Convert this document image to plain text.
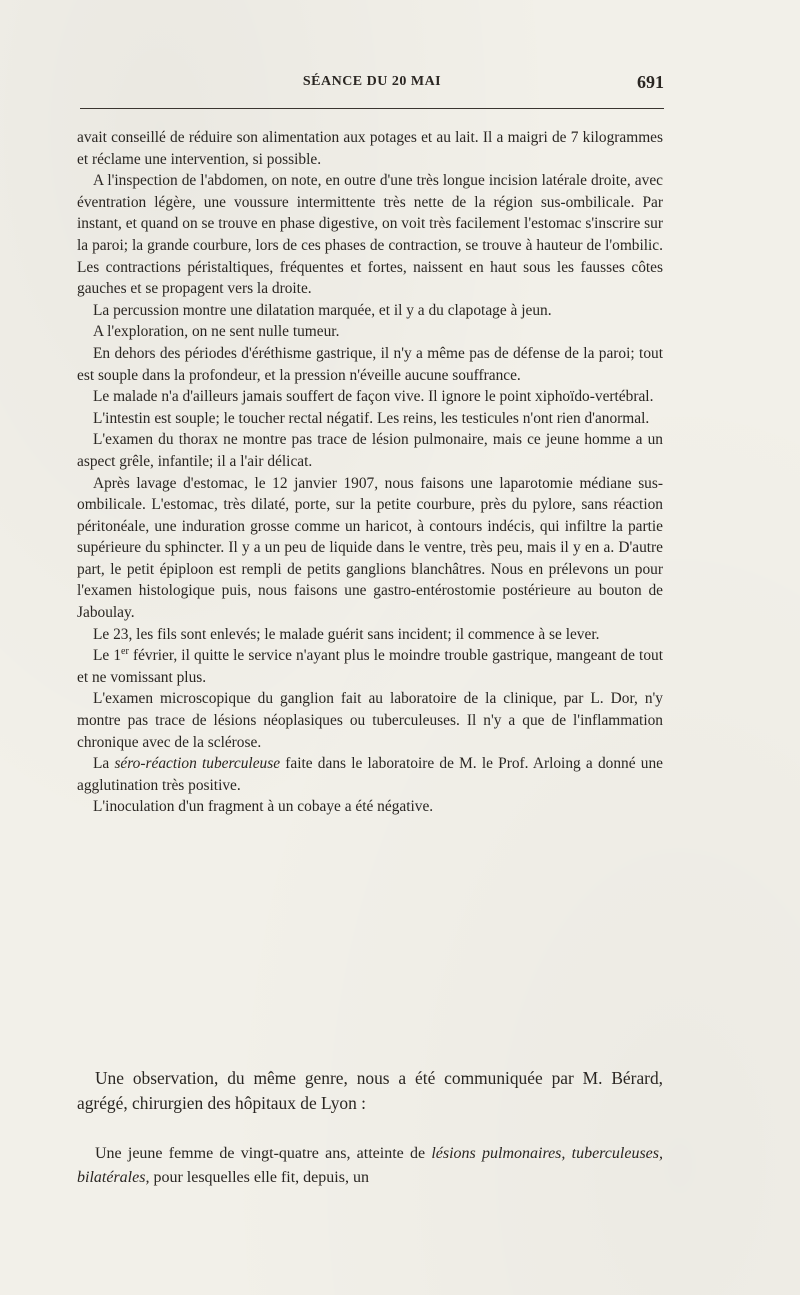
SÉANCE DU 20 MAI	691

avait conseillé de réduire son alimentation aux potages et au lait. Il a maigri de 7 kilogrammes et réclame une intervention, si possible.

A l'inspection de l'abdomen, on note, en outre d'une très longue incision latérale droite, avec éventration légère, une voussure intermittente très nette de la région sus-ombilicale. Par instant, et quand on se trouve en phase digestive, on voit très facilement l'estomac s'inscrire sur la paroi; la grande courbure, lors de ces phases de contraction, se trouve à hauteur de l'ombilic. Les contractions péristaltiques, fréquentes et fortes, naissent en haut sous les fausses côtes gauches et se propagent vers la droite.

La percussion montre une dilatation marquée, et il y a du clapotage à jeun.

A l'exploration, on ne sent nulle tumeur.

En dehors des périodes d'éréthisme gastrique, il n'y a même pas de défense de la paroi; tout est souple dans la profondeur, et la pression n'éveille aucune souffrance.

Le malade n'a d'ailleurs jamais souffert de façon vive. Il ignore le point xiphoïdo-vertébral.

L'intestin est souple; le toucher rectal négatif. Les reins, les testicules n'ont rien d'anormal.

L'examen du thorax ne montre pas trace de lésion pulmonaire, mais ce jeune homme a un aspect grêle, infantile; il a l'air délicat.

Après lavage d'estomac, le 12 janvier 1907, nous faisons une laparotomie médiane sus-ombilicale. L'estomac, très dilaté, porte, sur la petite courbure, près du pylore, sans réaction péritonéale, une induration grosse comme un haricot, à contours indécis, qui infiltre la partie supérieure du sphincter. Il y a un peu de liquide dans le ventre, très peu, mais il y en a. D'autre part, le petit épiploon est rempli de petits ganglions blanchâtres. Nous en prélevons un pour l'examen histologique puis, nous faisons une gastro-entérostomie postérieure au bouton de Jaboulay.

Le 23, les fils sont enlevés; le malade guérit sans incident; il commence à se lever.

Le 1er février, il quitte le service n'ayant plus le moindre trouble gastrique, mangeant de tout et ne vomissant plus.

L'examen microscopique du ganglion fait au laboratoire de la clinique, par L. Dor, n'y montre pas trace de lésions néoplasiques ou tuberculeuses. Il n'y a que de l'inflammation chronique avec de la sclérose.

La séro-réaction tuberculeuse faite dans le laboratoire de M. le Prof. Arloing a donné une agglutination très positive.

L'inoculation d'un fragment à un cobaye a été négative.

Une observation, du même genre, nous a été communiquée par M. Bérard, agrégé, chirurgien des hôpitaux de Lyon :

Une jeune femme de vingt-quatre ans, atteinte de lésions pulmonaires, tuberculeuses, bilatérales, pour lesquelles elle fit, depuis, un
